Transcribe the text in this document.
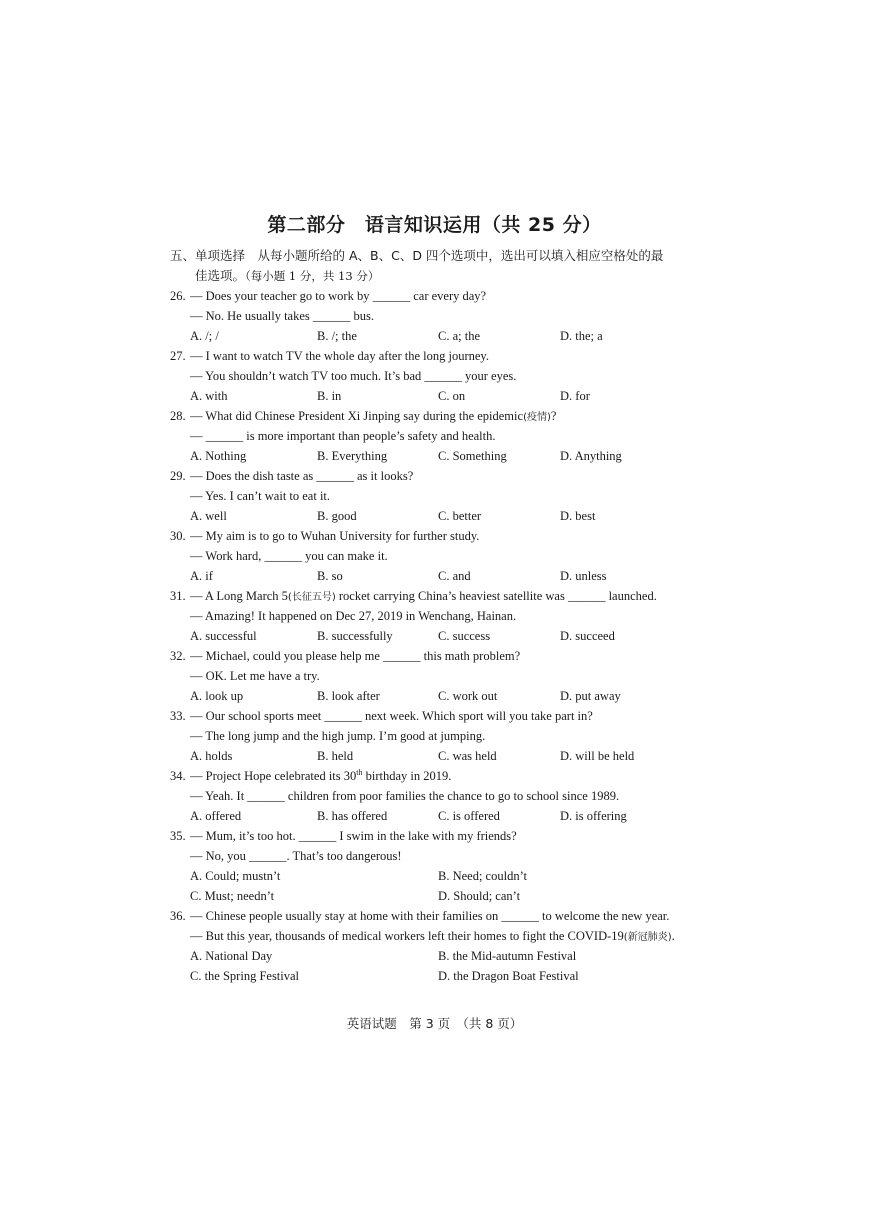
第二部分　语言知识运用（共 25 分）
五、单项选择　从每小题所给的 A、B、C、D 四个选项中，选出可以填入相应空格处的最
佳选项。（每小题 1 分，共 13 分）
26. — Does your teacher go to work by ______ car every day?
— No. He usually takes ______ bus.
A. /; /	B. /; the	C. a; the	D. the; a
27. — I want to watch TV the whole day after the long journey.
— You shouldn’t watch TV too much. It’s bad ______ your eyes.
A. with	B. in	C. on	D. for
28. — What did Chinese President Xi Jinping say during the epidemic(疫情)?
— ______ is more important than people’s safety and health.
A. Nothing	B. Everything	C. Something	D. Anything
29. — Does the dish taste as ______ as it looks?
— Yes. I can’t wait to eat it.
A. well	B. good	C. better	D. best
30. — My aim is to go to Wuhan University for further study.
— Work hard, ______ you can make it.
A. if	B. so	C. and	D. unless
31. — A Long March 5(长征五号) rocket carrying China’s heaviest satellite was ______ launched.
— Amazing! It happened on Dec 27, 2019 in Wenchang, Hainan.
A. successful	B. successfully	C. success	D. succeed
32. — Michael, could you please help me ______ this math problem?
— OK. Let me have a try.
A. look up	B. look after	C. work out	D. put away
33. — Our school sports meet ______ next week. Which sport will you take part in?
— The long jump and the high jump. I’m good at jumping.
A. holds	B. held	C. was held	D. will be held
34. — Project Hope celebrated its 30th birthday in 2019.
— Yeah. It ______ children from poor families the chance to go to school since 1989.
A. offered	B. has offered	C. is offered	D. is offering
35. — Mum, it’s too hot. ______ I swim in the lake with my friends?
— No, you ______. That’s too dangerous!
A. Could; mustn’t	B. Need; couldn’t
C. Must; needn’t	D. Should; can’t
36. — Chinese people usually stay at home with their families on ______ to welcome the new year.
— But this year, thousands of medical workers left their homes to fight the COVID-19(新冠肺炎).
A. National Day	B. the Mid-autumn Festival
C. the Spring Festival	D. the Dragon Boat Festival
英语试题　第 3 页　（共 8 页）
